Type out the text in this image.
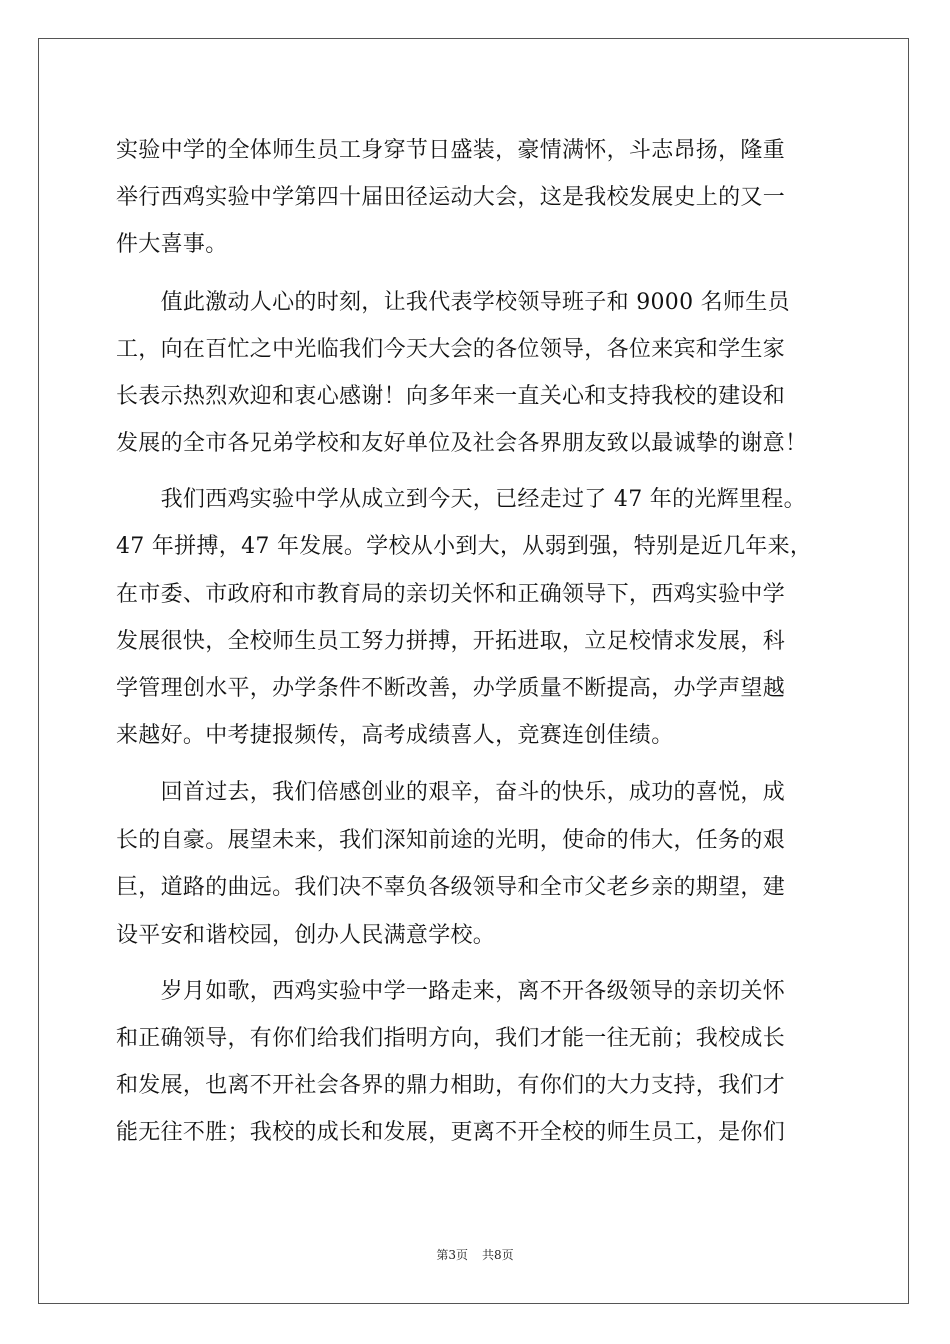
实验中学的全体师生员工身穿节日盛装，豪情满怀，斗志昂扬，隆重
举行西鸡实验中学第四十届田径运动大会，这是我校发展史上的又一
件大喜事。
　　值此激动人心的时刻，让我代表学校领导班子和 9000 名师生员
工，向在百忙之中光临我们今天大会的各位领导，各位来宾和学生家
长表示热烈欢迎和衷心感谢！向多年来一直关心和支持我校的建设和
发展的全市各兄弟学校和友好单位及社会各界朋友致以最诚挚的谢意！
　　我们西鸡实验中学从成立到今天，已经走过了 47 年的光辉里程。
47 年拼搏，47 年发展。学校从小到大，从弱到强，特别是近几年来，
在市委、市政府和市教育局的亲切关怀和正确领导下，西鸡实验中学
发展很快，全校师生员工努力拼搏，开拓进取，立足校情求发展，科
学管理创水平，办学条件不断改善，办学质量不断提高，办学声望越
来越好。中考捷报频传，高考成绩喜人，竞赛连创佳绩。
　　回首过去，我们倍感创业的艰辛，奋斗的快乐，成功的喜悦，成
长的自豪。展望未来，我们深知前途的光明，使命的伟大，任务的艰
巨，道路的曲远。我们决不辜负各级领导和全市父老乡亲的期望，建
设平安和谐校园，创办人民满意学校。
　　岁月如歌，西鸡实验中学一路走来，离不开各级领导的亲切关怀
和正确领导，有你们给我们指明方向，我们才能一往无前；我校成长
和发展，也离不开社会各界的鼎力相助，有你们的大力支持，我们才
能无往不胜；我校的成长和发展，更离不开全校的师生员工，是你们
第3页 共8页
